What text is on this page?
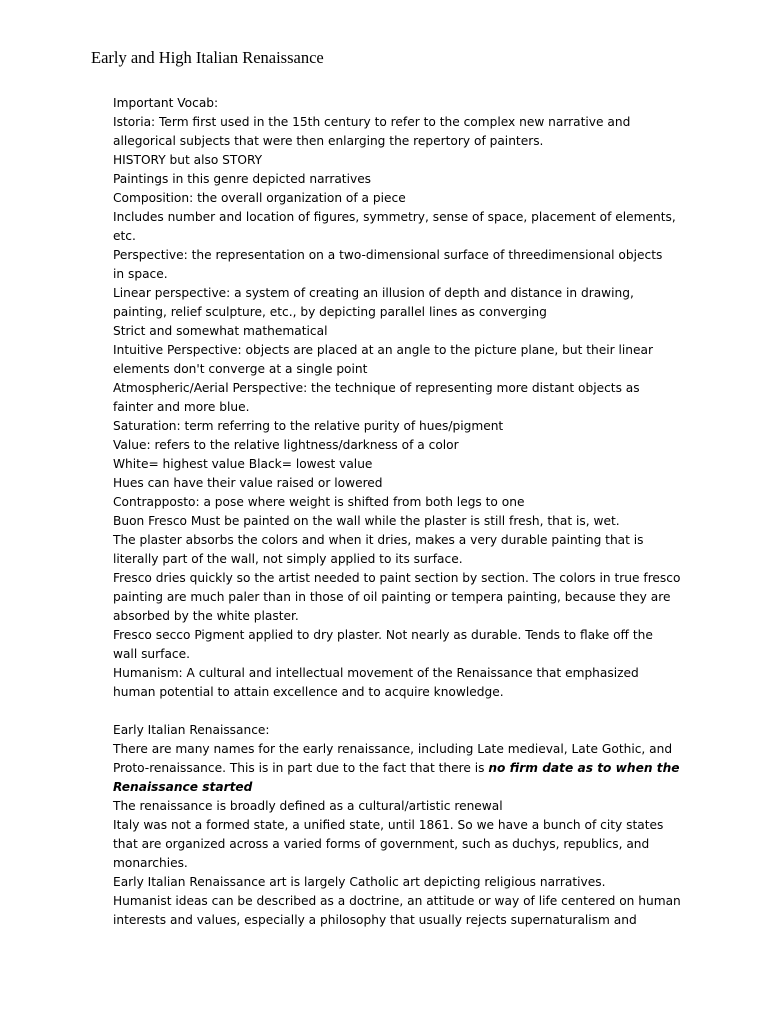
Early and High Italian Renaissance

Important Vocab:

Istoria: Term first used in the 15th century to refer to the complex new narrative and

allegorical subjects that were then enlarging the repertory of painters.

HISTORY but also STORY

Paintings in this genre depicted narratives

Composition: the overall organization of a piece

Includes number and location of figures, symmetry, sense of space, placement of elements,

etc.

Perspective: the representation on a two-dimensional surface of threedimensional objects

in space.

Linear perspective: a system of creating an illusion of depth and distance in drawing,

painting, relief sculpture, etc., by depicting parallel lines as converging

Strict and somewhat mathematical

Intuitive Perspective: objects are placed at an angle to the picture plane, but their linear

elements don't converge at a single point

Atmospheric/Aerial Perspective: the technique of representing more distant objects as

fainter and more blue.

Saturation: term referring to the relative purity of hues/pigment

Value: refers to the relative lightness/darkness of a color

White= highest value Black= lowest value

Hues can have their value raised or lowered

Contrapposto: a pose where weight is shifted from both legs to one

Buon Fresco Must be painted on the wall while the plaster is still fresh, that is, wet.

The plaster absorbs the colors and when it dries, makes a very durable painting that is

literally part of the wall, not simply applied to its surface.

Fresco dries quickly so the artist needed to paint section by section. The colors in true fresco

painting are much paler than in those of oil painting or tempera painting, because they are

absorbed by the white plaster.

Fresco secco Pigment applied to dry plaster. Not nearly as durable. Tends to flake off the

wall surface.

Humanism: A cultural and intellectual movement of the Renaissance that emphasized

human potential to attain excellence and to acquire knowledge.

Early Italian Renaissance:

There are many names for the early renaissance, including Late medieval, Late Gothic, and

Proto-renaissance. This is in part due to the fact that there is no firm date as to when the

Renaissance started

The renaissance is broadly defined as a cultural/artistic renewal

Italy was not a formed state, a unified state, until 1861. So we have a bunch of city states

that are organized across a varied forms of government, such as duchys, republics, and

monarchies.

Early Italian Renaissance art is largely Catholic art depicting religious narratives.

Humanist ideas can be described as a doctrine, an attitude or way of life centered on human

interests and values, especially a philosophy that usually rejects supernaturalism and
